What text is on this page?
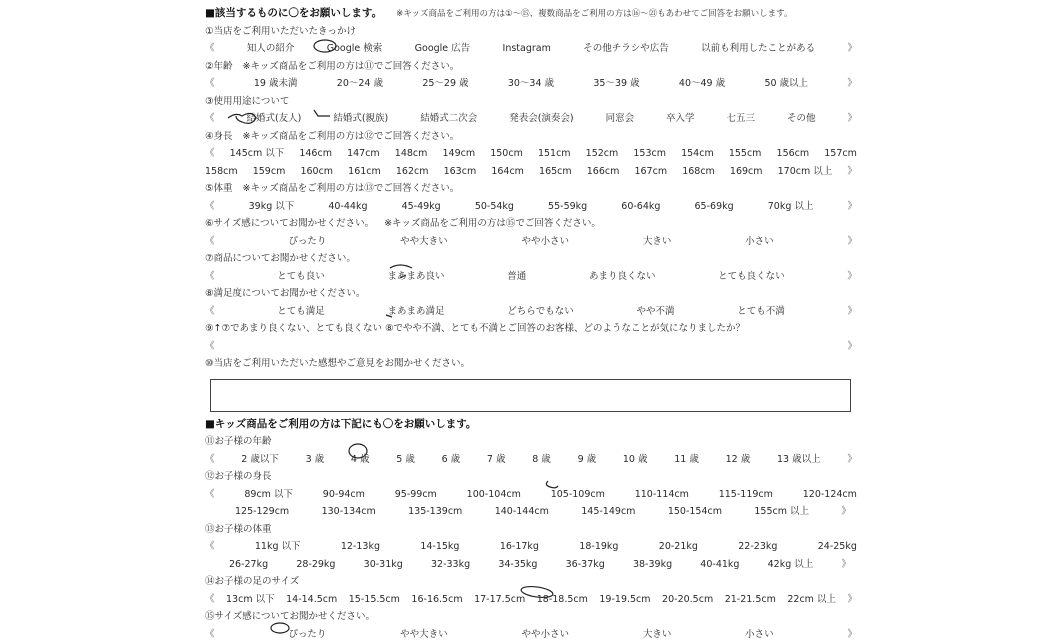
■該当するものに〇をお願いします。 ※キッズ商品をご利用の方は①～⑮、複数商品をご利用の方は⑯～㉑もあわせてご回答をお願いします。
①当店をご利用いただいたきっかけ
《	知人の紹介	Google 検索	Google 広告	Instagram	その他チラシや広告	以前も利用したことがある	》
②年齢 ※キッズ商品をご利用の方は⑪でご回答ください。
《	19 歳未満	20～24 歳	25～29 歳	30～34 歳	35～39 歳	40～49 歳	50 歳以上	》
③使用用途について
《	結婚式(友人)	結婚式(親族)	結婚式二次会	発表会(演奏会)	同窓会	卒入学	七五三	その他	》
④身長 ※キッズ商品をご利用の方は⑫でご回答ください。
《 145cm 以下 146cm 147cm 148cm 149cm 150cm 151cm 152cm 153cm 154cm 155cm 156cm 157cm
158cm 159cm 160cm 161cm 162cm 163cm 164cm 165cm 166cm 167cm 168cm 169cm 170cm 以上 》
⑤体重 ※キッズ商品をご利用の方は⑬でご回答ください。
《	39kg 以下	40-44kg	45-49kg	50-54kg	55-59kg	60-64kg	65-69kg	70kg 以上	》
⑥サイズ感についてお聞かせください。 ※キッズ商品をご利用の方は⑮でご回答ください。
《	ぴったり	やや大きい	やや小さい	大きい	小さい	》
⑦商品についてお聞かせください。
《	とても良い	まあまあ良い	普通	あまり良くない	とても良くない	》
⑧満足度についてお聞かせください。
《	とても満足	まあまあ満足	どちらでもない	やや不満	とても不満	》
⑨↑⑦であまり良くない、とても良くない ⑧でやや不満、とても不満とご回答のお客様、どのようなことが気になりましたか？
《	》
⑩当店をご利用いただいた感想やご意見をお聞かせください。
■キッズ商品をご利用の方は下記にも〇をお願いします。
⑪お子様の年齢
《	2 歳以下	3 歳	4 歳	5 歳	6 歳	7 歳	8 歳	9 歳	10 歳	11 歳	12 歳	13 歳以上	》
⑫お子様の身長
《	89cm 以下	90-94cm	95-99cm	100-104cm	105-109cm	110-114cm	115-119cm	120-124cm
125-129cm	130-134cm	135-139cm	140-144cm	145-149cm	150-154cm	155cm 以上	》
⑬お子様の体重
《	11kg 以下	12-13kg	14-15kg	16-17kg	18-19kg	20-21kg	22-23kg	24-25kg
26-27kg	28-29kg	30-31kg	32-33kg	34-35kg	36-37kg	38-39kg	40-41kg	42kg 以上	》
⑭お子様の足のサイズ
《 13cm 以下 14-14.5cm 15-15.5cm 16-16.5cm 17-17.5cm 18-18.5cm 19-19.5cm 20-20.5cm 21-21.5cm 22cm 以上 》
⑮サイズ感についてお聞かせください。
《	ぴったり	やや大きい	やや小さい	大きい	小さい	》
